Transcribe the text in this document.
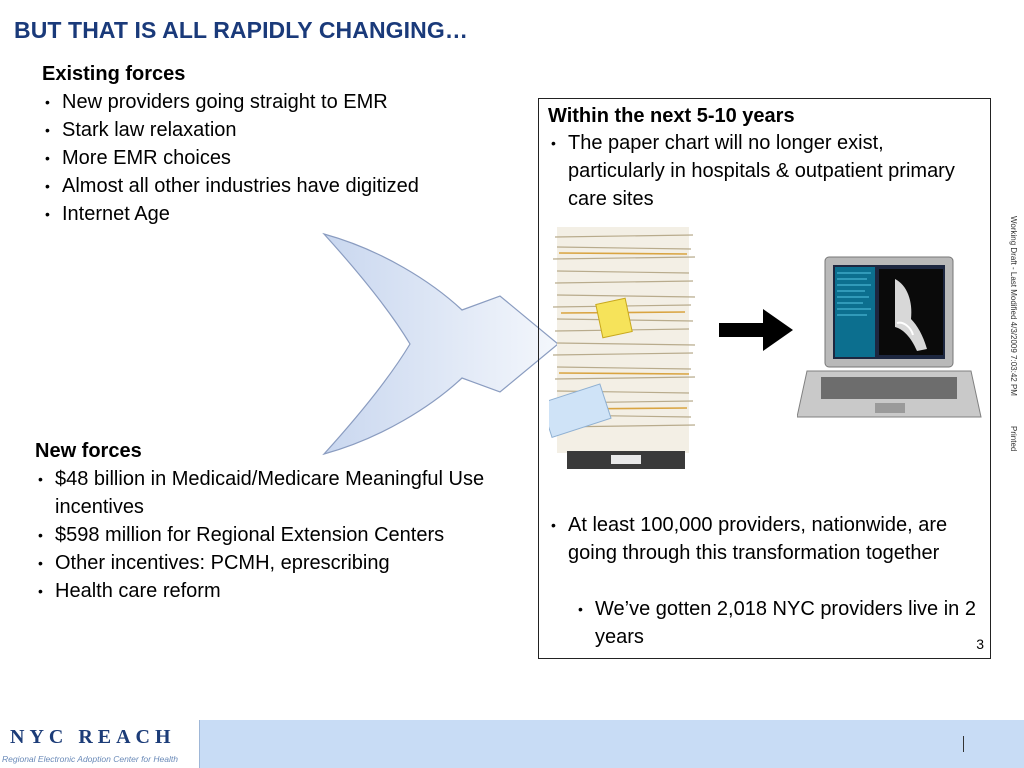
BUT THAT IS ALL RAPIDLY CHANGING…
Existing forces
• New providers going straight to EMR
• Stark law relaxation
• More EMR choices
• Almost all other industries have digitized
• Internet Age
New forces
• $48 billion in Medicaid/Medicare Meaningful Use incentives
• $598 million for Regional Extension Centers
• Other incentives: PCMH, eprescribing
• Health care reform
Within the next 5-10 years
• The paper chart will no longer exist, particularly in hospitals & outpatient primary care sites
• At least 100,000 providers, nationwide, are going through this transformation together
• We’ve gotten 2,018 NYC providers live in 2 years	3
Working Draft - Last Modified 4/3/2009 7:03:42 PM Printed
NYC REACH
Regional Electronic Adoption Center for Health
